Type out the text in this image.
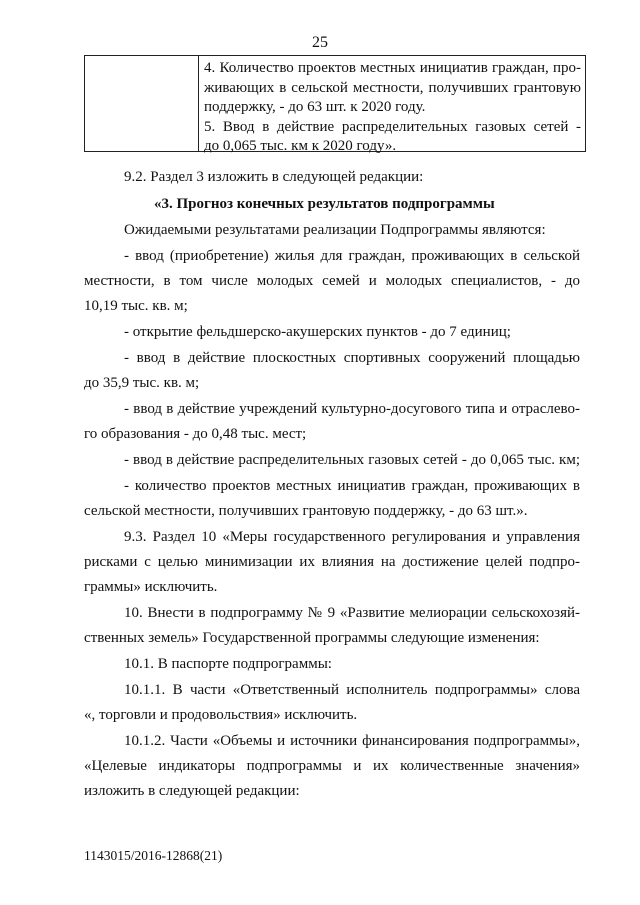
25

4. Количество проектов местных инициатив граждан, про-

живающих в сельской местности, получивших грантовую

поддержку, - до 63 шт. к 2020 году.

5. Ввод в действие распределительных газовых сетей -

до 0,065 тыс. км к 2020 году».

9.2. Раздел 3 изложить в следующей редакции:
«3. Прогноз конечных результатов подпрограммы
Ожидаемыми результатами реализации Подпрограммы являются:
- ввод (приобретение) жилья для граждан, проживающих в сельской
местности, в том числе молодых семей и молодых специалистов, - до
10,19 тыс. кв. м;
- открытие фельдшерско-акушерских пунктов - до 7 единиц;
- ввод в действие плоскостных спортивных сооружений площадью
до 35,9 тыс. кв. м;
- ввод в действие учреждений культурно-досугового типа и отраслево-
го образования - до 0,48 тыс. мест;
- ввод в действие распределительных газовых сетей - до 0,065 тыс. км;
- количество проектов местных инициатив граждан, проживающих в
сельской местности, получивших грантовую поддержку, - до 63 шт.».
9.3. Раздел 10 «Меры государственного регулирования и управления
рисками с целью минимизации их влияния на достижение целей подпро-
граммы» исключить.
10. Внести в подпрограмму № 9 «Развитие мелиорации сельскохозяй-
ственных земель» Государственной программы следующие изменения:
10.1. В паспорте подпрограммы:
10.1.1. В части «Ответственный исполнитель подпрограммы» слова
«, торговли и продовольствия» исключить.
10.1.2. Части «Объемы и источники финансирования подпрограммы»,
«Целевые индикаторы подпрограммы и их количественные значения»
изложить в следующей редакции:
1143015/2016-12868(21)
